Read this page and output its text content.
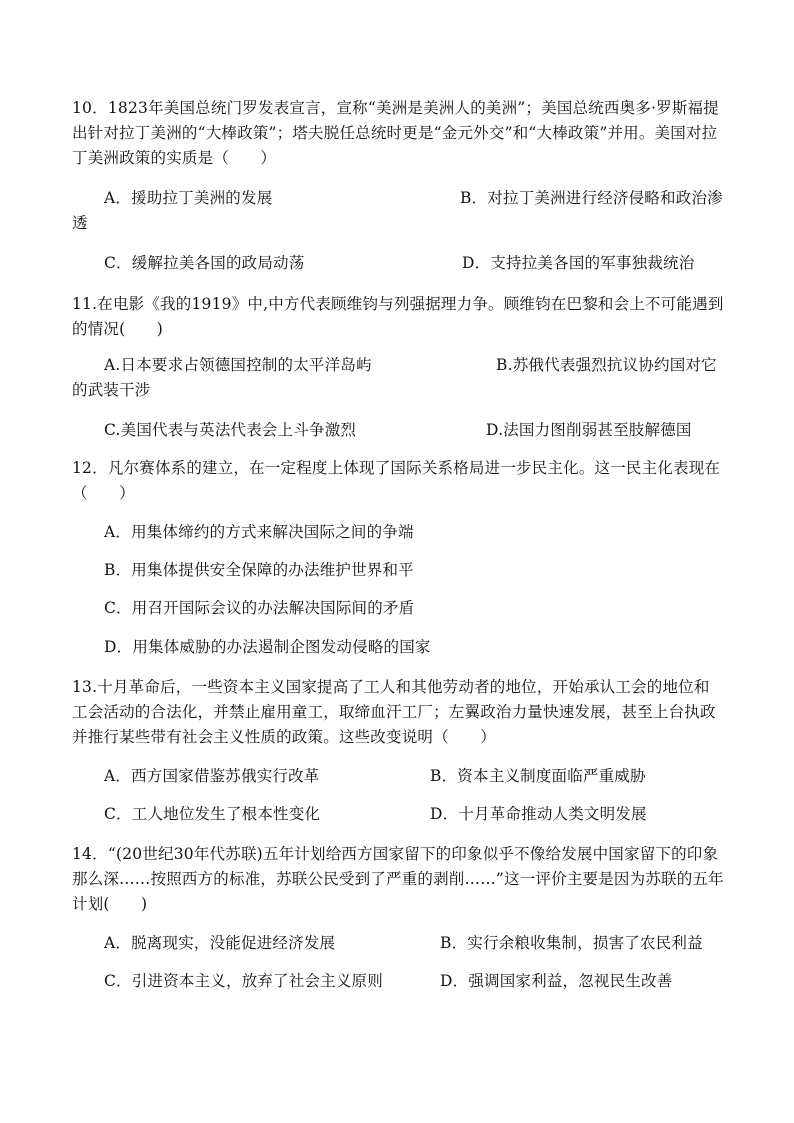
10．1823年美国总统门罗发表宣言，宣称“美洲是美洲人的美洲”；美国总统西奥多·罗斯福提出针对拉丁美洲的“大棒政策”；塔夫脱任总统时更是“金元外交”和“大棒政策”并用。美国对拉丁美洲政策的实质是（　　）
A．援助拉丁美洲的发展	B．对拉丁美洲进行经济侵略和政治渗透
C．缓解拉美各国的政局动荡	D．支持拉美各国的军事独裁统治
11.在电影《我的1919》中,中方代表顾维钧与列强据理力争。顾维钧在巴黎和会上不可能遇到的情况(　　)
A.日本要求占领德国控制的太平洋岛屿	B.苏俄代表强烈抗议协约国对它的武装干涉
C.美国代表与英法代表会上斗争激烈	D.法国力图削弱甚至肢解德国
12．凡尔赛体系的建立，在一定程度上体现了国际关系格局进一步民主化。这一民主化表现在（　　）
A．用集体缔约的方式来解决国际之间的争端
B．用集体提供安全保障的办法维护世界和平
C．用召开国际会议的办法解决国际间的矛盾
D．用集体威胁的办法遏制企图发动侵略的国家
13.十月革命后，一些资本主义国家提高了工人和其他劳动者的地位，开始承认工会的地位和工会活动的合法化，并禁止雇用童工，取缔血汗工厂；左翼政治力量快速发展，甚至上台执政并推行某些带有社会主义性质的政策。这些改变说明（　　）
A．西方国家借鉴苏俄实行改革	B．资本主义制度面临严重威胁
C．工人地位发生了根本性变化	D．十月革命推动人类文明发展
14．“(20世纪30年代苏联)五年计划给西方国家留下的印象似乎不像给发展中国家留下的印象那么深……按照西方的标准，苏联公民受到了严重的剥削……”这一评价主要是因为苏联的五年计划(　　)
A．脱离现实，没能促进经济发展	B．实行余粮收集制，损害了农民利益
C．引进资本主义，放弃了社会主义原则	D．强调国家利益，忽视民生改善
